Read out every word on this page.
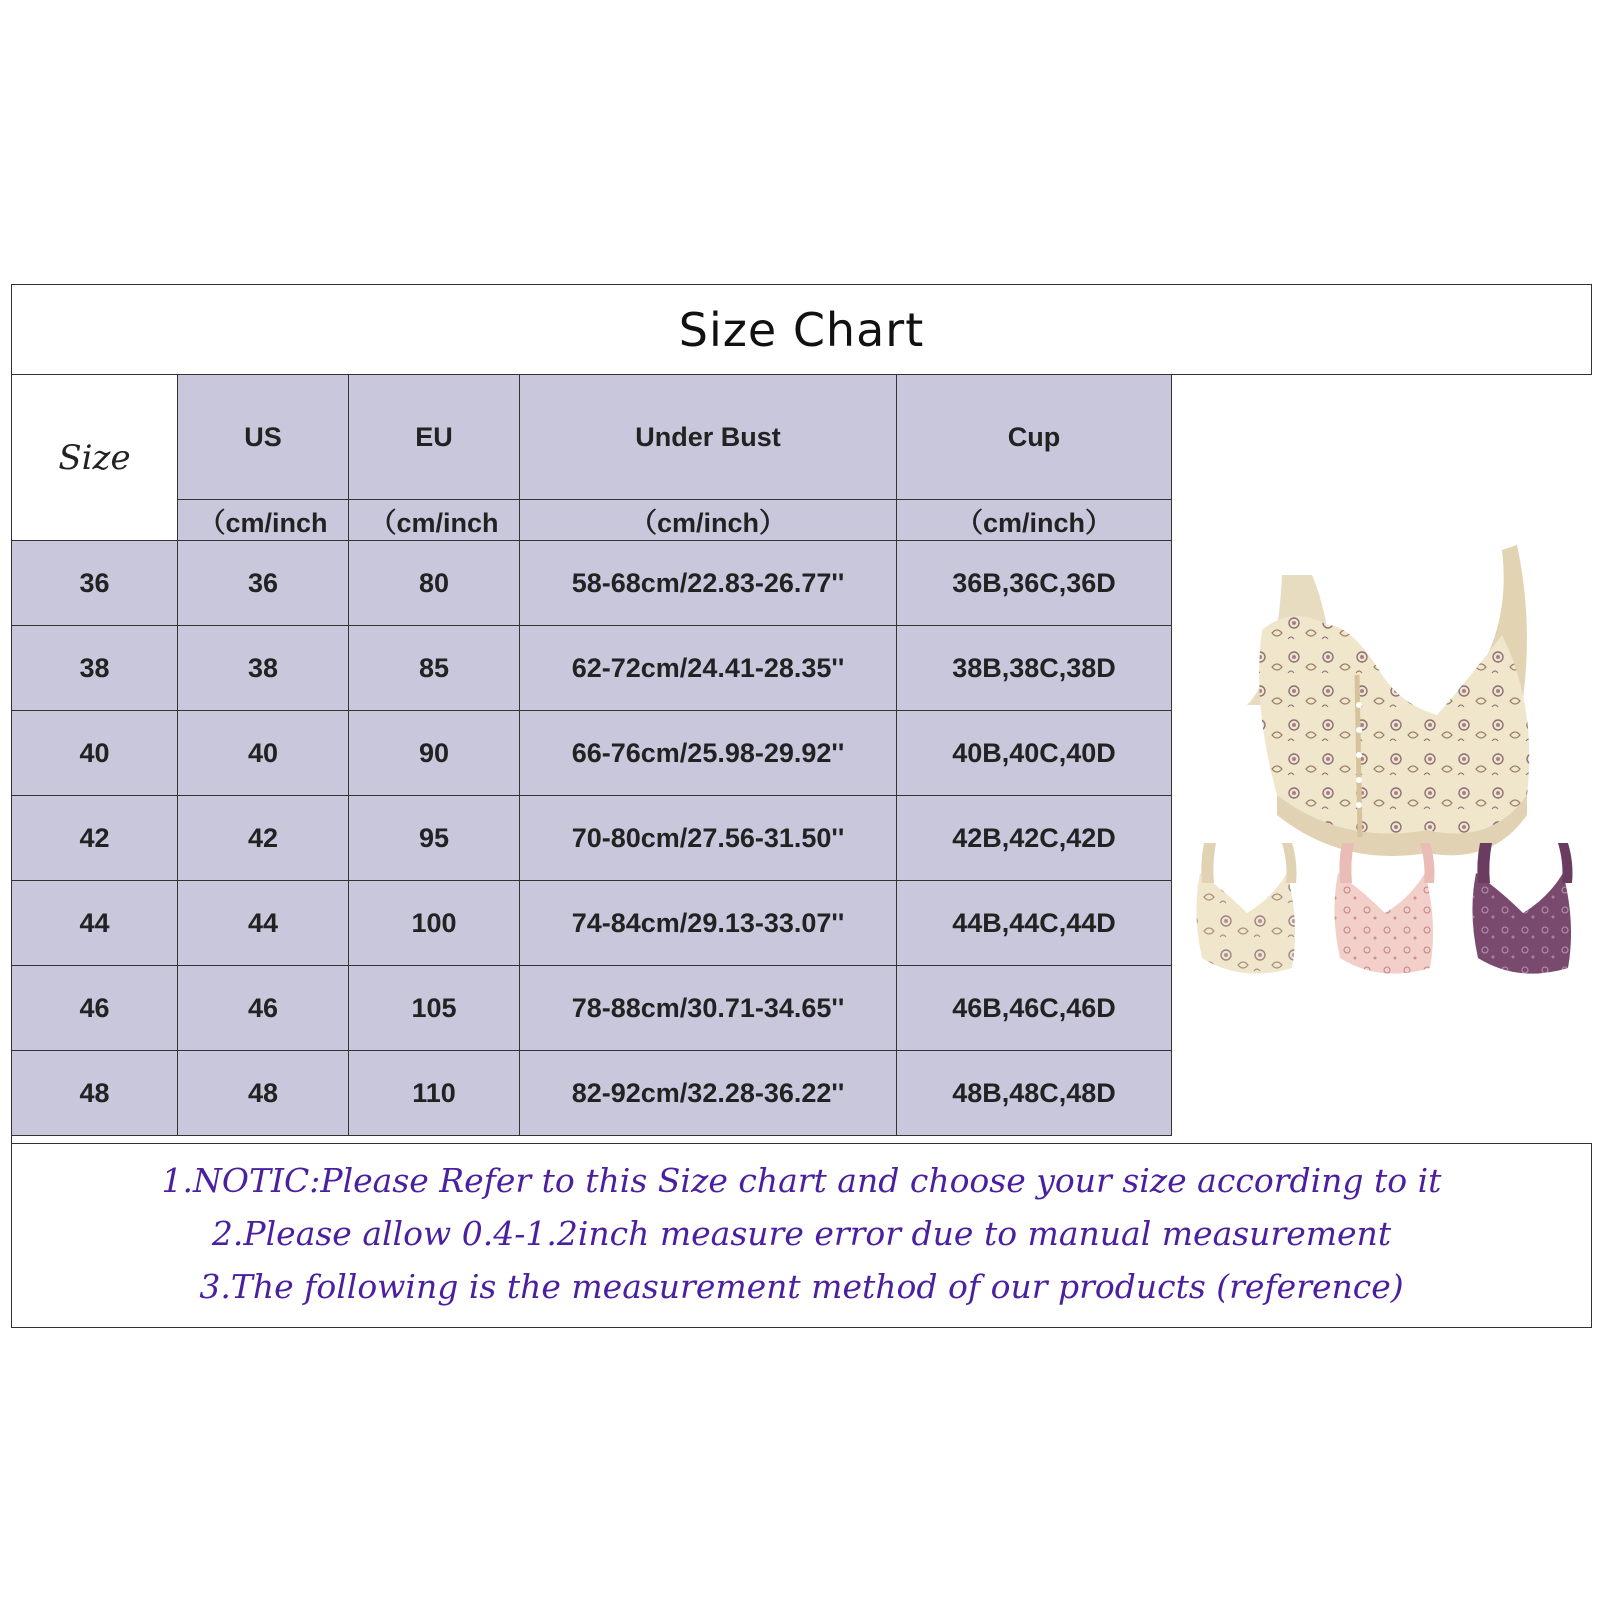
Size Chart
Size	US	EU	Under Bust	Cup
	（cm/inch	（cm/inch	（cm/inch）	（cm/inch）
36	36	80	58-68cm/22.83-26.77''	36B,36C,36D
38	38	85	62-72cm/24.41-28.35''	38B,38C,38D
40	40	90	66-76cm/25.98-29.92''	40B,40C,40D
42	42	95	70-80cm/27.56-31.50''	42B,42C,42D
44	44	100	74-84cm/29.13-33.07''	44B,44C,44D
46	46	105	78-88cm/30.71-34.65''	46B,46C,46D
48	48	110	82-92cm/32.28-36.22''	48B,48C,48D
1.NOTIC:Please Refer to this Size chart and choose your size according to it
2.Please allow 0.4-1.2inch measure error due to manual measurement
3.The following is the measurement method of our products (reference)
